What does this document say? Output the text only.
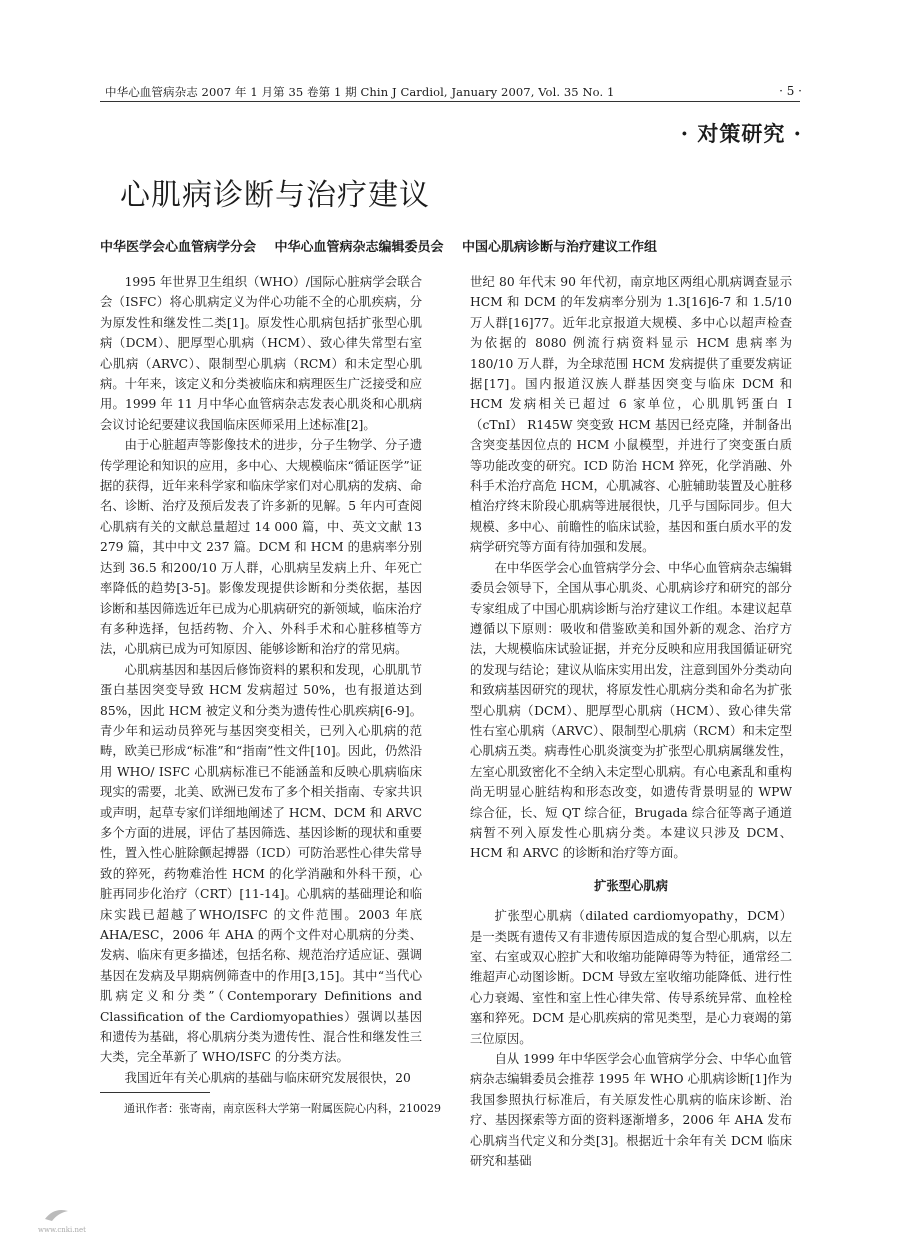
中华心血管病杂志 2007 年 1 月第 35 卷第 1 期 Chin J Cardiol, January 2007, Vol. 35 No. 1	· 5 ·
· 对策研究 ·
心肌病诊断与治疗建议
中华医学会心血管病学分会 中华心血管病杂志编辑委员会 中国心肌病诊断与治疗建议工作组

1995 年世界卫生组织（WHO）/国际心脏病学会联合会（ISFC）将心肌病定义为伴心功能不全的心肌疾病，分为原发性和继发性二类[1]。原发性心肌病包括扩张型心肌病（DCM）、肥厚型心肌病（HCM）、致心律失常型右室心肌病（ARVC）、限制型心肌病（RCM）和未定型心肌病。十年来，该定义和分类被临床和病理医生广泛接受和应用。1999 年 11 月中华心血管病杂志发表心肌炎和心肌病会议讨论纪要建议我国临床医师采用上述标准[2]。

由于心脏超声等影像技术的进步，分子生物学、分子遗传学理论和知识的应用，多中心、大规模临床“循证医学”证据的获得，近年来科学家和临床学家们对心肌病的发病、命名、诊断、治疗及预后发表了许多新的见解。5 年内可查阅心肌病有关的文献总量超过 14 000 篇，中、英文文献 13 279 篇，其中中文 237 篇。DCM 和 HCM 的患病率分别达到 36.5 和200/10 万人群，心肌病呈发病上升、年死亡率降低的趋势[3-5]。影像发现提供诊断和分类依据，基因诊断和基因筛选近年已成为心肌病研究的新领域，临床治疗有多种选择，包括药物、介入、外科手术和心脏移植等方法，心肌病已成为可知原因、能够诊断和治疗的常见病。

心肌病基因和基因后修饰资料的累积和发现，心肌肌节蛋白基因突变导致 HCM 发病超过 50%，也有报道达到 85%，因此 HCM 被定义和分类为遗传性心肌疾病[6-9]。青少年和运动员猝死与基因突变相关，已列入心肌病的范畴，欧美已形成“标准”和“指南”性文件[10]。因此，仍然沿用 WHO/ ISFC 心肌病标准已不能涵盖和反映心肌病临床现实的需要，北美、欧洲已发布了多个相关指南、专家共识或声明，起草专家们详细地阐述了 HCM、DCM 和 ARVC 多个方面的进展，评估了基因筛选、基因诊断的现状和重要性，置入性心脏除颤起搏器（ICD）可防治恶性心律失常导致的猝死，药物难治性 HCM 的化学消融和外科干预，心脏再同步化治疗（CRT）[11-14]。心肌病的基础理论和临床实践已超越了WHO/ISFC 的文件范围。2003 年底 AHA/ESC，2006 年 AHA 的两个文件对心肌病的分类、发病、临床有更多描述，包括名称、规范治疗适应证、强调基因在发病及早期病例筛查中的作用[3,15]。其中“当代心肌病定义和分类”（Contemporary Definitions and Classification of the Cardiomyopathies）强调以基因和遗传为基础，将心肌病分类为遗传性、混合性和继发性三大类，完全革新了 WHO/ISFC 的分类方法。

我国近年有关心肌病的基础与临床研究发展很快，20

通讯作者：张寄南，南京医科大学第一附属医院心内科，210029

世纪 80 年代末 90 年代初，南京地区两组心肌病调查显示 HCM 和 DCM 的年发病率分别为 1.3[16]6-7 和 1.5/10 万人群[16]77。近年北京报道大规模、多中心以超声检查为依据的 8080 例流行病资料显示 HCM 患病率为 180/10 万人群，为全球范围 HCM 发病提供了重要发病证据[17]。国内报道汉族人群基因突变与临床 DCM 和 HCM 发病相关已超过 6 家单位，心肌肌钙蛋白 I（cTnI） R145W 突变致 HCM 基因已经克隆，并制备出含突变基因位点的 HCM 小鼠模型，并进行了突变蛋白质等功能改变的研究。ICD 防治 HCM 猝死，化学消融、外科手术治疗高危 HCM，心肌减容、心脏辅助装置及心脏移植治疗终末阶段心肌病等进展很快，几乎与国际同步。但大规模、多中心、前瞻性的临床试验，基因和蛋白质水平的发病学研究等方面有待加强和发展。

在中华医学会心血管病学分会、中华心血管病杂志编辑委员会领导下，全国从事心肌炎、心肌病诊疗和研究的部分专家组成了中国心肌病诊断与治疗建议工作组。本建议起草遵循以下原则：吸收和借鉴欧美和国外新的观念、治疗方法，大规模临床试验证据，并充分反映和应用我国循证研究的发现与结论；建议从临床实用出发，注意到国外分类动向和致病基因研究的现状，将原发性心肌病分类和命名为扩张型心肌病（DCM）、肥厚型心肌病（HCM）、致心律失常性右室心肌病（ARVC）、限制型心肌病（RCM）和未定型心肌病五类。病毒性心肌炎演变为扩张型心肌病属继发性，左室心肌致密化不全纳入未定型心肌病。有心电紊乱和重构尚无明显心脏结构和形态改变，如遗传背景明显的 WPW 综合征，长、短 QT 综合征，Brugada 综合征等离子通道病暂不列入原发性心肌病分类。本建议只涉及 DCM、HCM 和 ARVC 的诊断和治疗等方面。

扩张型心肌病

扩张型心肌病（dilated cardiomyopathy，DCM）是一类既有遗传又有非遗传原因造成的复合型心肌病，以左室、右室或双心腔扩大和收缩功能障碍等为特征，通常经二维超声心动图诊断。DCM 导致左室收缩功能降低、进行性心力衰竭、室性和室上性心律失常、传导系统异常、血栓栓塞和猝死。DCM 是心肌疾病的常见类型，是心力衰竭的第三位原因。

自从 1999 年中华医学会心血管病学分会、中华心血管病杂志编辑委员会推荐 1995 年 WHO 心肌病诊断[1]作为我国参照执行标准后，有关原发性心肌病的临床诊断、治疗、基因探索等方面的资料逐渐增多，2006 年 AHA 发布心肌病当代定义和分类[3]。根据近十余年有关 DCM 临床研究和基础

www.cnki.net
